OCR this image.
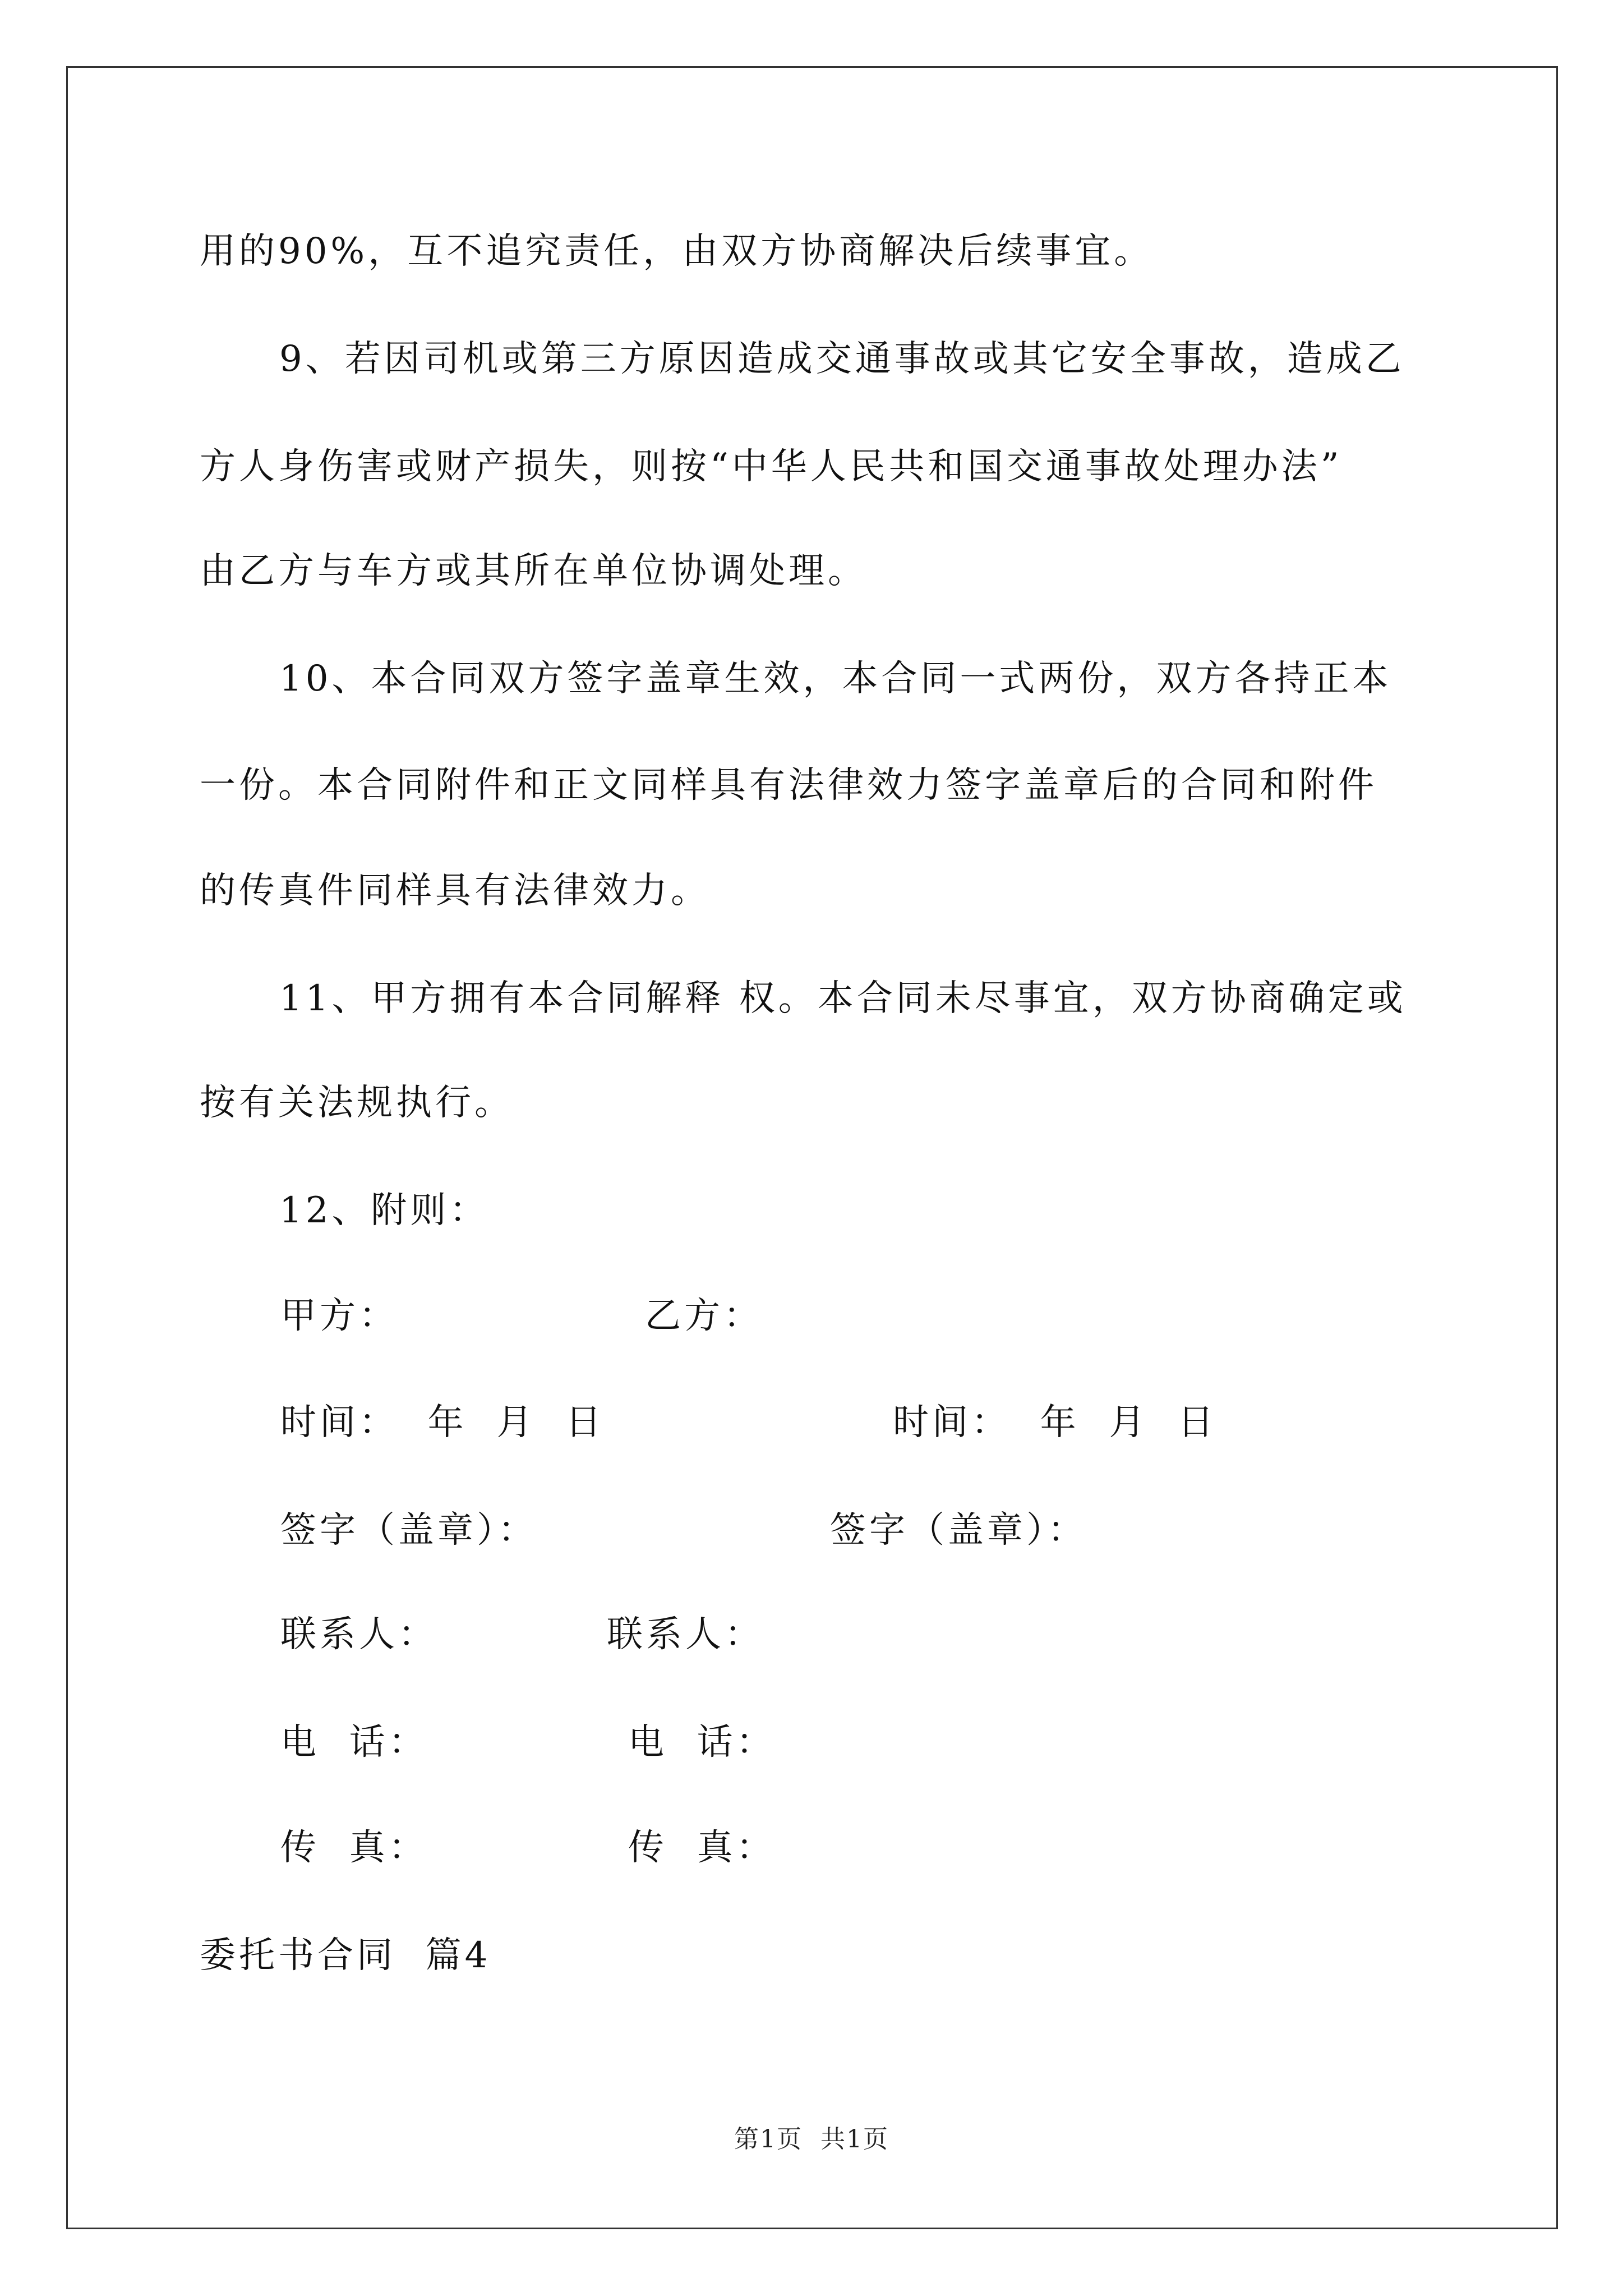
用的90%，互不追究责任，由双方协商解决后续事宜。
9、若因司机或第三方原因造成交通事故或其它安全事故，造成乙
方人身伤害或财产损失，则按“中华人民共和国交通事故处理办法”
由乙方与车方或其所在单位协调处理。
10、本合同双方签字盖章生效，本合同一式两份，双方各持正本
一份。本合同附件和正文同样具有法律效力签字盖章后的合同和附件
的传真件同样具有法律效力。
11、甲方拥有本合同解释 权。本合同未尽事宜，双方协商确定或
按有关法规执行。
12、附则：
甲方：	乙方：
时间：  年  月  日	时间：  年  月  日
签字（盖章）：	签字（盖章）：
联系人：	联系人：
电  话：	电  话：
传  真：	传  真：
委托书合同  篇4
第1页  共1页
